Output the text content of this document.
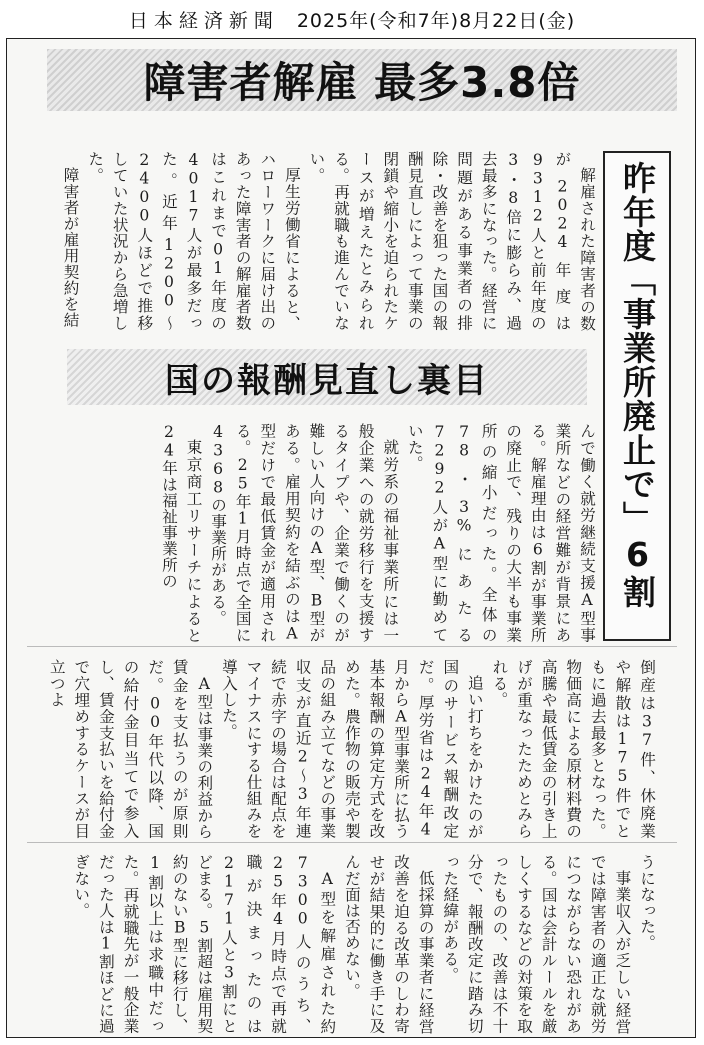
日本経済新聞 2025年(令和7年)8月22日(金)
障害者解雇 最多3.8倍
昨年度「事業所廃止で」6割

解雇された障害者の数が2024年度は9312人と前年度の3・8倍に膨らみ、過去最多になった。経営に問題がある事業者の排除・改善を狙った国の報酬見直しによって事業の閉鎖や縮小を迫られたケースが増えたとみられる。再就職も進んでいない。

厚生労働省によると、ハローワークに届け出のあった障害者の解雇者数はこれまで01年度の4017人が最多だった。近年1200〜2400人ほどで推移していた状況から急増した。

障害者が雇用契約を結

国の報酬見直し裏目

んで働く就労継続支援A型事業所などの経営難が背景にある。解雇理由は6割が事業所の廃止で、残りの大半も事業所の縮小だった。全体の78・3%にあたる7292人がA型に勤めていた。

就労系の福祉事業所には一般企業への就労移行を支援するタイプや、企業で働くのが難しい人向けのA型、B型がある。雇用契約を結ぶのはA型だけで最低賃金が適用される。25年1月時点で全国に4368の事業所がある。

東京商工リサーチによると24年は福祉事業所の

倒産は37件、休廃業や解散は175件でともに過去最多となった。物価高による原材料費の高騰や最低賃金の引き上げが重なったためとみられる。

追い打ちをかけたのが国のサービス報酬改定だ。厚労省は24年4月からA型事業所に払う基本報酬の算定方式を改めた。農作物の販売や製品の組み立てなどの事業収支が直近2〜3年連続で赤字の場合は配点をマイナスにする仕組みを導入した。

A型は事業の利益から賃金を支払うのが原則だ。00年代以降、国の給付金目当てで参入し、賃金支払いを給付金で穴埋めするケースが目立つよ

うになった。

事業収入が乏しい経営では障害者の適正な就労につながらない恐れがある。国は会計ルールを厳しくするなどの対策を取ったものの、改善は不十分で、報酬改定に踏み切った経緯がある。

低採算の事業者に経営改善を迫る改革のしわ寄せが結果的に働き手に及んだ面は否めない。

A型を解雇された約7300人のうち、25年4月時点で再就職が決まったのは2171人と3割にとどまる。5割超は雇用契約のないB型に移行し、1割以上は求職中だった。再就職先が一般企業だった人は1割ほどに過ぎない。
